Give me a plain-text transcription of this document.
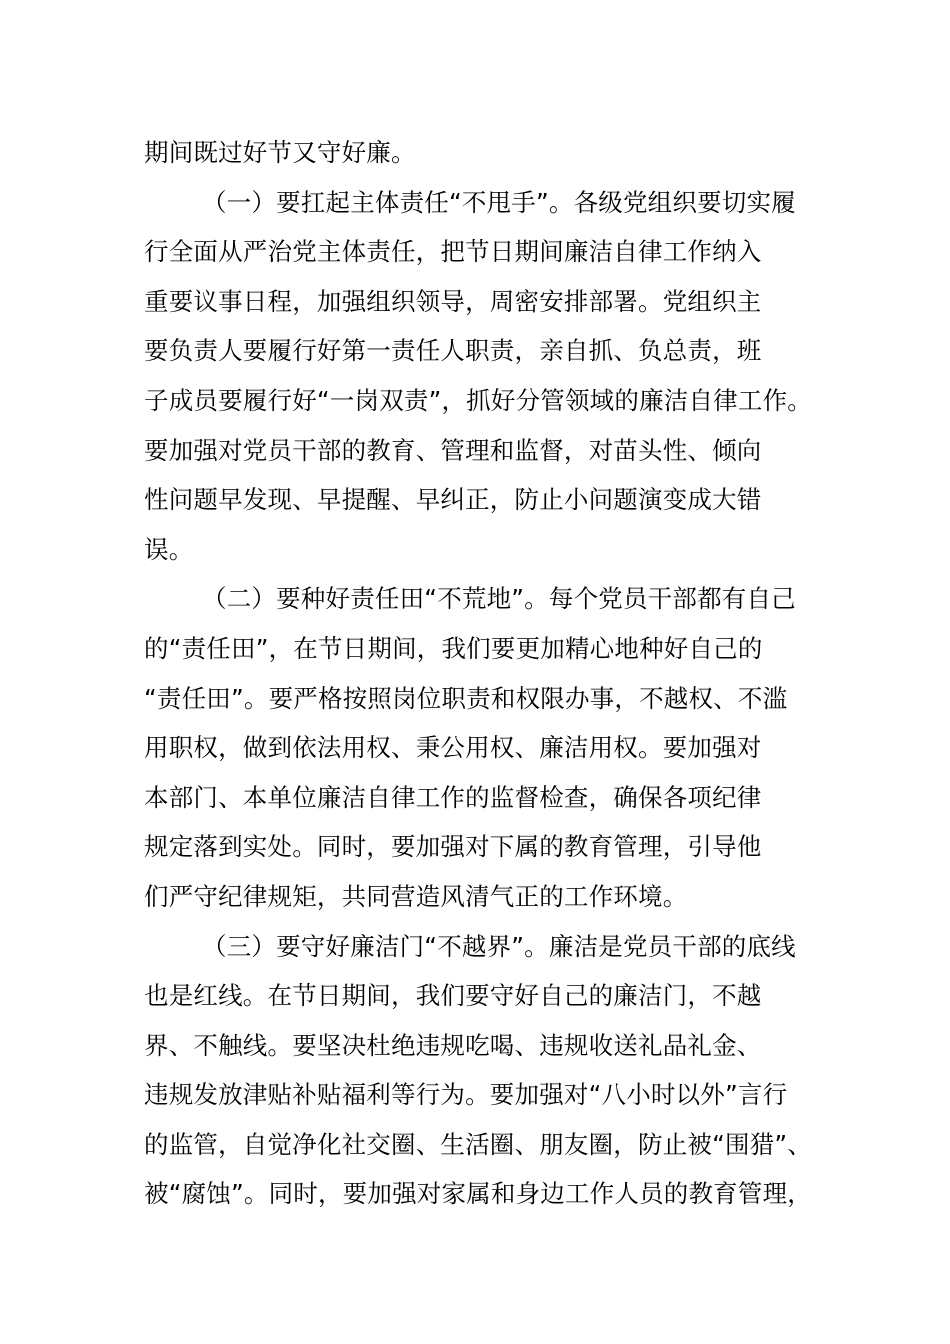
期间既过好节又守好廉。
（一）要扛起主体责任“不甩手”。各级党组织要切实履
行全面从严治党主体责任，把节日期间廉洁自律工作纳入
重要议事日程，加强组织领导，周密安排部署。党组织主
要负责人要履行好第一责任人职责，亲自抓、负总责，班
子成员要履行好“一岗双责”，抓好分管领域的廉洁自律工作。
要加强对党员干部的教育、管理和监督，对苗头性、倾向
性问题早发现、早提醒、早纠正，防止小问题演变成大错
误。
（二）要种好责任田“不荒地”。每个党员干部都有自己
的“责任田”，在节日期间，我们要更加精心地种好自己的
“责任田”。要严格按照岗位职责和权限办事，不越权、不滥
用职权，做到依法用权、秉公用权、廉洁用权。要加强对
本部门、本单位廉洁自律工作的监督检查，确保各项纪律
规定落到实处。同时，要加强对下属的教育管理，引导他
们严守纪律规矩，共同营造风清气正的工作环境。
（三）要守好廉洁门“不越界”。廉洁是党员干部的底线
也是红线。在节日期间，我们要守好自己的廉洁门，不越
界、不触线。要坚决杜绝违规吃喝、违规收送礼品礼金、
违规发放津贴补贴福利等行为。要加强对“八小时以外”言行
的监管，自觉净化社交圈、生活圈、朋友圈，防止被“围猎”、
被“腐蚀”。同时，要加强对家属和身边工作人员的教育管理，
